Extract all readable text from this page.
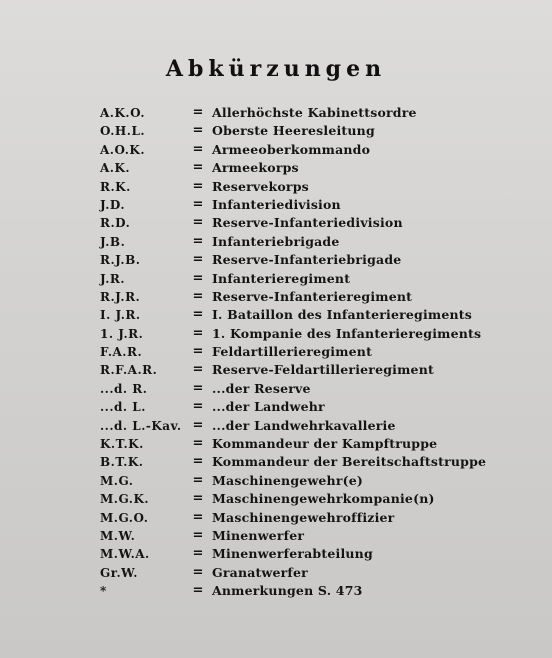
Abkürzungen
A.K.O.	= Allerhöchste Kabinettsordre
O.H.L.	= Oberste Heeresleitung
A.O.K.	= Armeeoberkommando
A.K.	= Armeekorps
R.K.	= Reservekorps
J.D.	= Infanteriedivision
R.D.	= Reserve-Infanteriedivision
J.B.	= Infanteriebrigade
R.J.B.	= Reserve-Infanteriebrigade
J.R.	= Infanterieregiment
R.J.R.	= Reserve-Infanterieregiment
I. J.R.	= I. Bataillon des Infanterieregiments
1. J.R.	= 1. Kompanie des Infanterieregiments
F.A.R.	= Feldartillerieregiment
R.F.A.R.	= Reserve-Feldartillerieregiment
...d. R.	= ...der Reserve
...d. L.	= ...der Landwehr
...d. L.-Kav. = ...der Landwehrkavallerie
K.T.K.	= Kommandeur der Kampftruppe
B.T.K.	= Kommandeur der Bereitschaftstruppe
M.G.	= Maschinengewehr(e)
M.G.K.	= Maschinengewehrkompanie(n)
M.G.O.	= Maschinengewehroffizier
M.W.	= Minenwerfer
M.W.A.	= Minenwerferabteilung
Gr.W.	= Granatwerfer
*	= Anmerkungen S. 473
